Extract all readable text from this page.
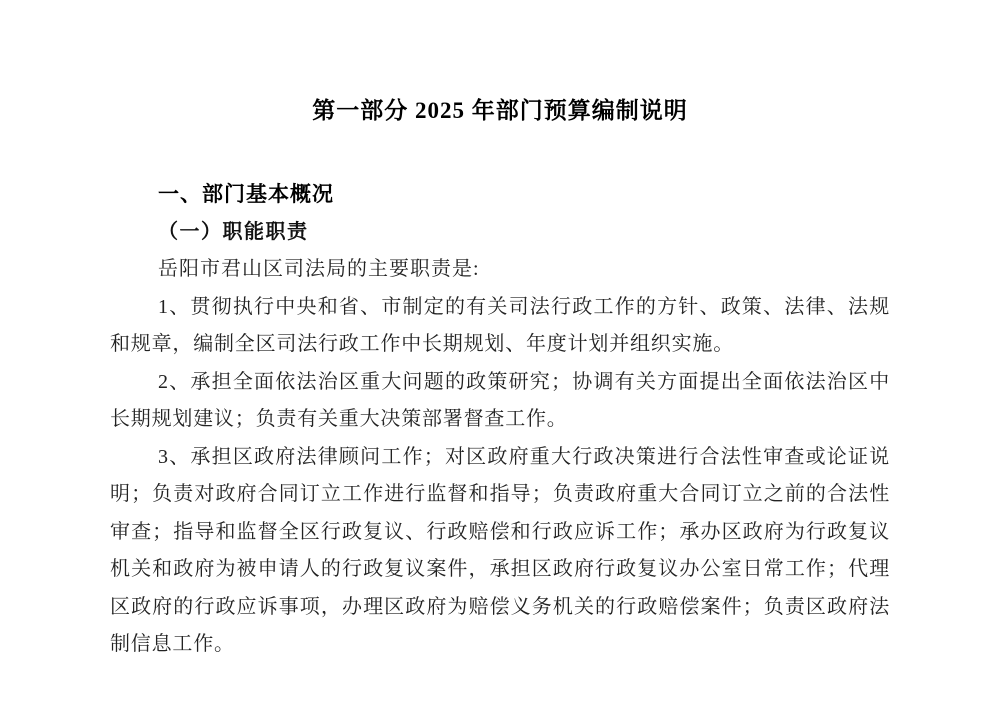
第一部分 2025 年部门预算编制说明
一、部门基本概况
（一）职能职责

岳阳市君山区司法局的主要职责是:

1、贯彻执行中央和省、市制定的有关司法行政工作的方针、政策、法律、法规和规章，编制全区司法行政工作中长期规划、年度计划并组织实施。

2、承担全面依法治区重大问题的政策研究；协调有关方面提出全面依法治区中长期规划建议；负责有关重大决策部署督查工作。

3、承担区政府法律顾问工作；对区政府重大行政决策进行合法性审查或论证说明；负责对政府合同订立工作进行监督和指导；负责政府重大合同订立之前的合法性审查；指导和监督全区行政复议、行政赔偿和行政应诉工作；承办区政府为行政复议机关和政府为被申请人的行政复议案件，承担区政府行政复议办公室日常工作；代理区政府的行政应诉事项，办理区政府为赔偿义务机关的行政赔偿案件；负责区政府法制信息工作。
